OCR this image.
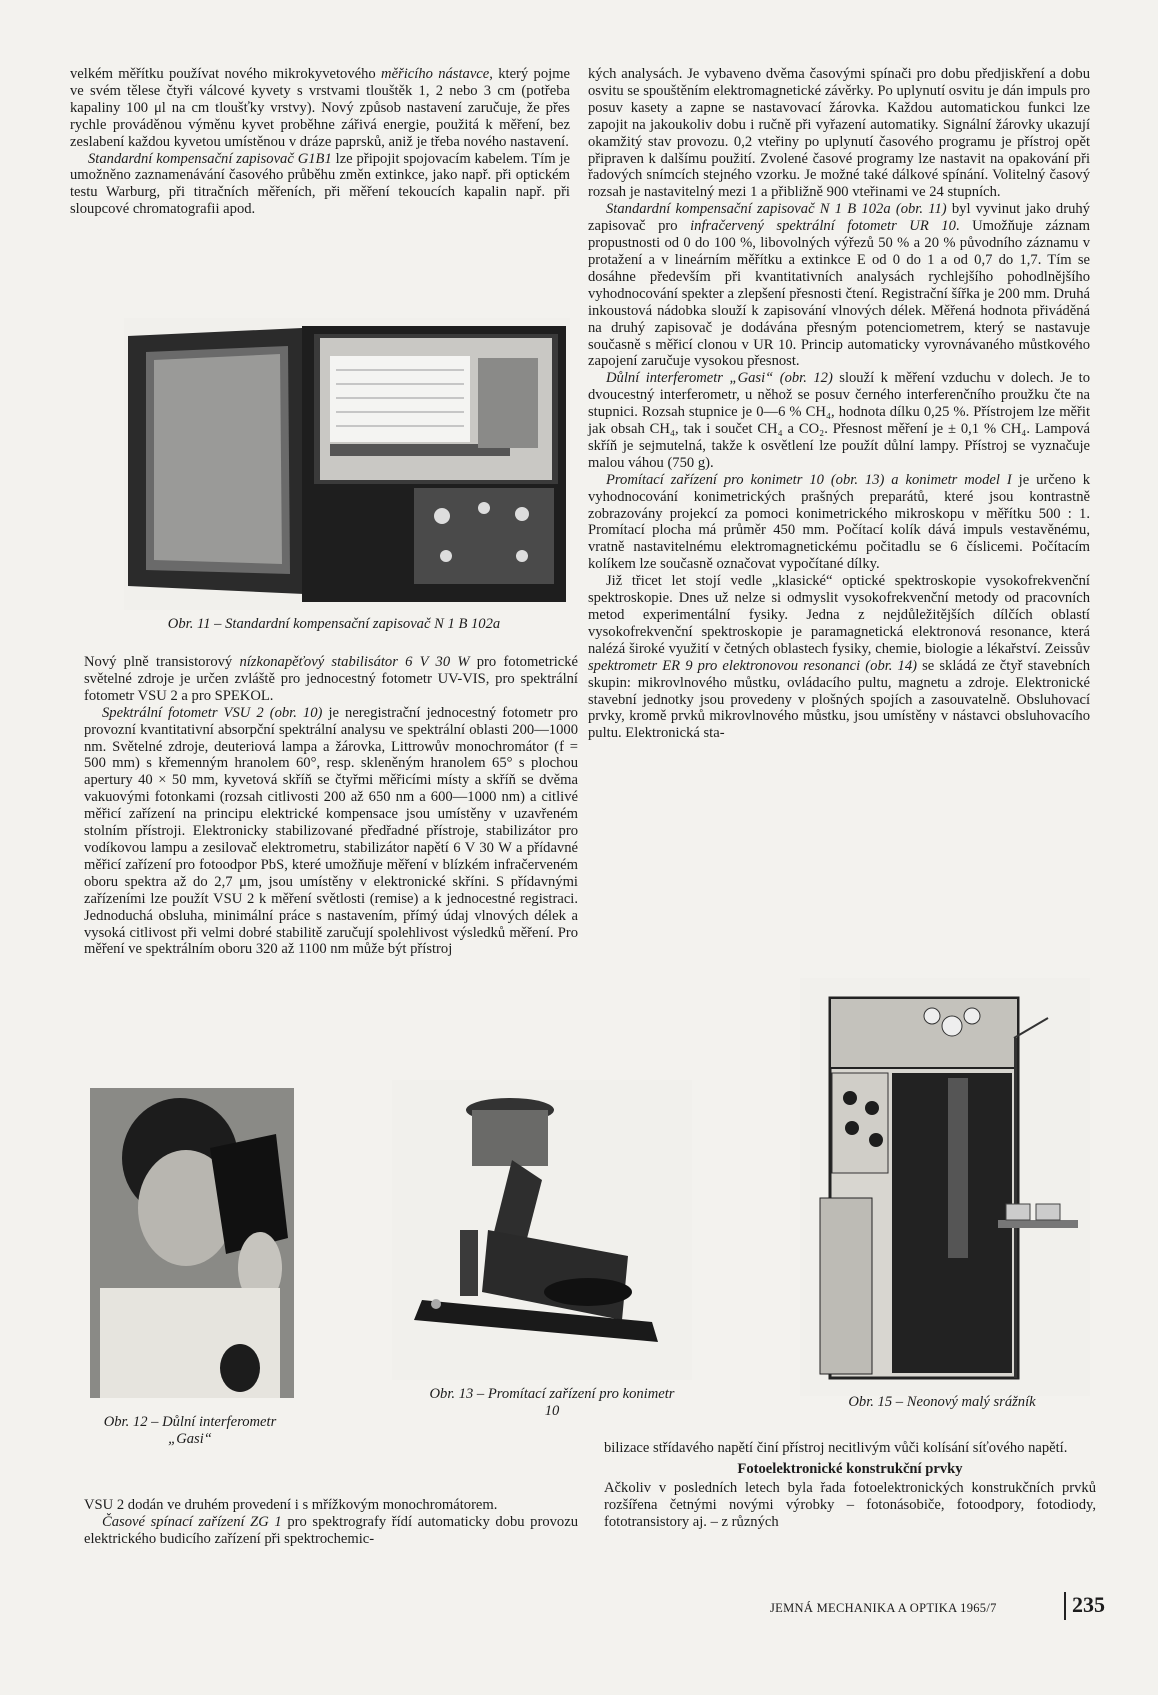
velkém měřítku používat nového mikrokyvetového měřicího nástavce, který pojme ve svém tělese čtyři válcové kyvety s vrstvami tlouštěk 1, 2 nebo 3 cm (potřeba kapaliny 100 μl na cm tloušťky vrstvy). Nový způsob nastavení zaručuje, že přes rychle prováděnou výměnu kyvet proběhne zářivá energie, použitá k měření, bez zeslabení každou kyvetou umístěnou v dráze paprsků, aniž je třeba nového nastavení.

Standardní kompensační zapisovač G1B1 lze připojit spojovacím kabelem. Tím je umožněno zaznamenávání časového průběhu změn extinkce, jako např. při optickém testu Warburg, při titračních měřeních, při měření tekoucích kapalin např. při sloupcové chromatografii apod.

kých analysách. Je vybaveno dvěma časovými spínači pro dobu předjiskření a dobu osvitu se spouštěním elektromagnetické závěrky. Po uplynutí osvitu je dán impuls pro posuv kasety a zapne se nastavovací žárovka. Každou automatickou funkci lze zapojit na jakoukoliv dobu i ručně při vyřazení automatiky. Signální žárovky ukazují okamžitý stav provozu. 0,2 vteřiny po uplynutí časového programu je přístroj opět připraven k dalšímu použití. Zvolené časové programy lze nastavit na opakování při řadových snímcích stejného vzorku. Je možné také dálkové spínání. Volitelný časový rozsah je nastavitelný mezi 1 a přibližně 900 vteřinami ve 24 stupních.

Standardní kompensační zapisovač N 1 B 102a (obr. 11) byl vyvinut jako druhý zapisovač pro infračervený spektrální fotometr UR 10. Umožňuje záznam propustnosti od 0 do 100 %, libovolných výřezů 50 % a 20 % původního záznamu v protažení a v lineárním měřítku a extinkce E od 0 do 1 a od 0,7 do 1,7. Tím se dosáhne především při kvantitativních analysách rychlejšího pohodlnějšího vyhodnocování spekter a zlepšení přesnosti čtení. Registrační šířka je 200 mm. Druhá inkoustová nádobka slouží k zapisování vlnových délek. Měřená hodnota přiváděná na druhý zapisovač je dodávána přesným potenciometrem, který se nastavuje současně s měřicí clonou v UR 10. Princip automaticky vyrovnávaného můstkového zapojení zaručuje vysokou přesnost.

Důlní interferometr „Gasi“ (obr. 12) slouží k měření vzduchu v dolech. Je to dvoucestný interferometr, u něhož se posuv černého interferenčního proužku čte na stupnici. Rozsah stupnice je 0—6 % CH₄, hodnota dílku 0,25 %. Přístrojem lze měřit jak obsah CH₄, tak i součet CH₄ a CO₂. Přesnost měření je ± 0,1 % CH₄. Lampová skříň je sejmutelná, takže k osvětlení lze použít důlní lampy. Přístroj se vyznačuje malou váhou (750 g).

Promítací zařízení pro konimetr 10 (obr. 13) a konimetr model I je určeno k vyhodnocování konimetrických prašných preparátů, které jsou kontrastně zobrazovány projekcí za pomoci konimetrického mikroskopu v měřítku 500 : 1. Promítací plocha má průměr 450 mm. Počítací kolík dává impuls vestavěnému, vratně nastavitelnému elektromagnetickému počitadlu se 6 číslicemi. Počítacím kolíkem lze současně označovat vypočítané dílky.

Již třicet let stojí vedle „klasické“ optické spektroskopie vysokofrekvenční spektroskopie. Dnes už nelze si odmyslit vysokofrekvenční metody od pracovních metod experimentální fysiky. Jedna z nejdůležitějších dílčích oblastí vysokofrekvenční spektroskopie je paramagnetická elektronová resonance, která nalézá široké využití v četných oblastech fysiky, chemie, biologie a lékařství. Zeissův spektrometr ER 9 pro elektronovou resonanci (obr. 14) se skládá ze čtyř stavebních skupin: mikrovlnového můstku, ovládacího pultu, magnetu a zdroje. Elektronické stavební jednotky jsou provedeny v plošných spojích a zasouvatelně. Obsluhovací prvky, kromě prvků mikrovlnového můstku, jsou umístěny v nástavci obsluhovacího pultu. Elektronická sta-

Obr. 11 – Standardní kompensační zapisovač N 1 B 102a

Nový plně transistorový nízkonapěťový stabilisátor 6 V 30 W pro fotometrické světelné zdroje je určen zvláště pro jednocestný fotometr UV-VIS, pro spektrální fotometr VSU 2 a pro SPEKOL.

Spektrální fotometr VSU 2 (obr. 10) je neregistrační jednocestný fotometr pro provozní kvantitativní absorpční spektrální analysu ve spektrální oblasti 200—1000 nm. Světelné zdroje, deuteriová lampa a žárovka, Littrowův monochromátor (f = 500 mm) s křemenným hranolem 60°, resp. skleněným hranolem 65° s plochou apertury 40 × 50 mm, kyvetová skříň se čtyřmi měřicími místy a skříň se dvěma vakuovými fotonkami (rozsah citlivosti 200 až 650 nm a 600—1000 nm) a citlivé měřicí zařízení na principu elektrické kompensace jsou umístěny v uzavřeném stolním přístroji. Elektronicky stabilizované předřadné přístroje, stabilizátor pro vodíkovou lampu a zesilovač elektrometru, stabilizátor napětí 6 V 30 W a přídavné měřicí zařízení pro fotoodpor PbS, které umožňuje měření v blízkém infračerveném oboru spektra až do 2,7 μm, jsou umístěny v elektronické skříni. S přídavnými zařízeními lze použít VSU 2 k měření světlosti (remise) a k jednocestné registraci. Jednoduchá obsluha, minimální práce s nastavením, přímý údaj vlnových délek a vysoká citlivost při velmi dobré stabilitě zaručují spolehlivost výsledků měření. Pro měření ve spektrálním oboru 320 až 1100 nm může být přístroj

Obr. 12 – Důlní interferometr
„Gasi“
Obr. 13 – Promítací zařízení pro konimetr
10
Obr. 15 – Neonový malý srážník

VSU 2 dodán ve druhém provedení i s mřížkovým monochromátorem.

Časové spínací zařízení ZG 1 pro spektrografy řídí automaticky dobu provozu elektrického budicího zařízení při spektrochemic-

bilizace střídavého napětí činí přístroj necitlivým vůči kolísání síťového napětí.

Fotoelektronické konstrukční prvky

Ačkoliv v posledních letech byla řada fotoelektronických konstrukčních prvků rozšířena četnými novými výrobky – fotonásobiče, fotoodpory, fotodiody, fototransistory aj. – z různých

JEMNÁ MECHANIKA A OPTIKA 1965/7	235
